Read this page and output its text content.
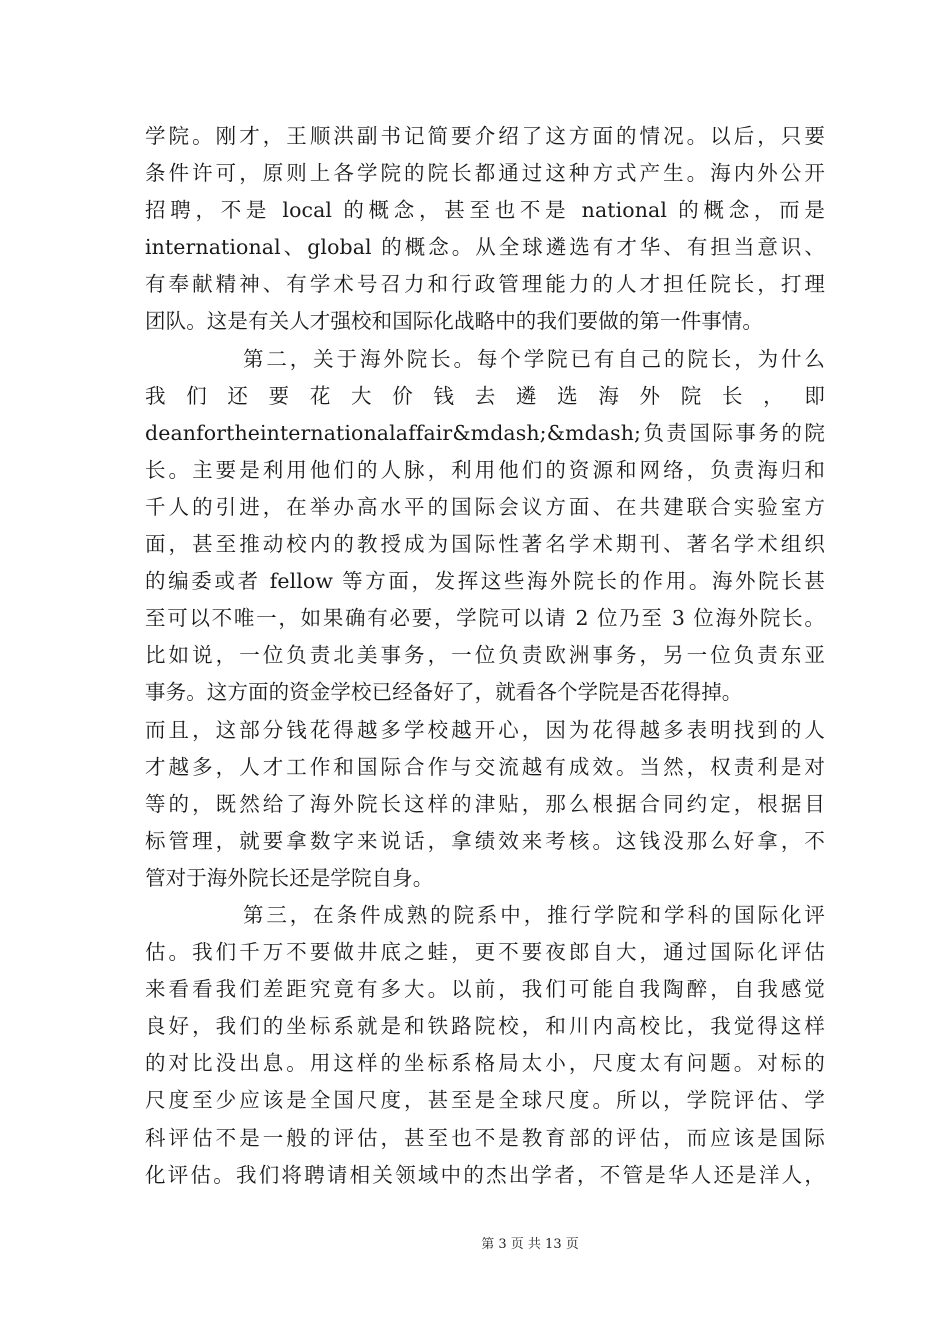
学院。刚才，王顺洪副书记简要介绍了这方面的情况。以后，只要
条件许可，原则上各学院的院长都通过这种方式产生。海内外公开
招聘，不是 local 的概念，甚至也不是 national 的概念，而是
international、global 的概念。从全球遴选有才华、有担当意识、
有奉献精神、有学术号召力和行政管理能力的人才担任院长，打理
团队。这是有关人才强校和国际化战略中的我们要做的第一件事情。
第二，关于海外院长。每个学院已有自己的院长，为什么
我 们 还 要 花 大 价 钱 去 遴 选 海 外 院 长 ， 即
deanfortheinternationalaffair&mdash;&mdash;负责国际事务的院
长。主要是利用他们的人脉，利用他们的资源和网络，负责海归和
千人的引进，在举办高水平的国际会议方面、在共建联合实验室方
面，甚至推动校内的教授成为国际性著名学术期刊、著名学术组织
的编委或者 fellow 等方面，发挥这些海外院长的作用。海外院长甚
至可以不唯一，如果确有必要，学院可以请 2 位乃至 3 位海外院长。
比如说，一位负责北美事务，一位负责欧洲事务，另一位负责东亚
事务。这方面的资金学校已经备好了，就看各个学院是否花得掉。
而且，这部分钱花得越多学校越开心，因为花得越多表明找到的人
才越多，人才工作和国际合作与交流越有成效。当然，权责利是对
等的，既然给了海外院长这样的津贴，那么根据合同约定，根据目
标管理，就要拿数字来说话，拿绩效来考核。这钱没那么好拿，不
管对于海外院长还是学院自身。
第三，在条件成熟的院系中，推行学院和学科的国际化评
估。我们千万不要做井底之蛙，更不要夜郎自大，通过国际化评估
来看看我们差距究竟有多大。以前，我们可能自我陶醉，自我感觉
良好，我们的坐标系就是和铁路院校，和川内高校比，我觉得这样
的对比没出息。用这样的坐标系格局太小，尺度太有问题。对标的
尺度至少应该是全国尺度，甚至是全球尺度。所以，学院评估、学
科评估不是一般的评估，甚至也不是教育部的评估，而应该是国际
化评估。我们将聘请相关领域中的杰出学者，不管是华人还是洋人，
第 3 页 共 13 页
